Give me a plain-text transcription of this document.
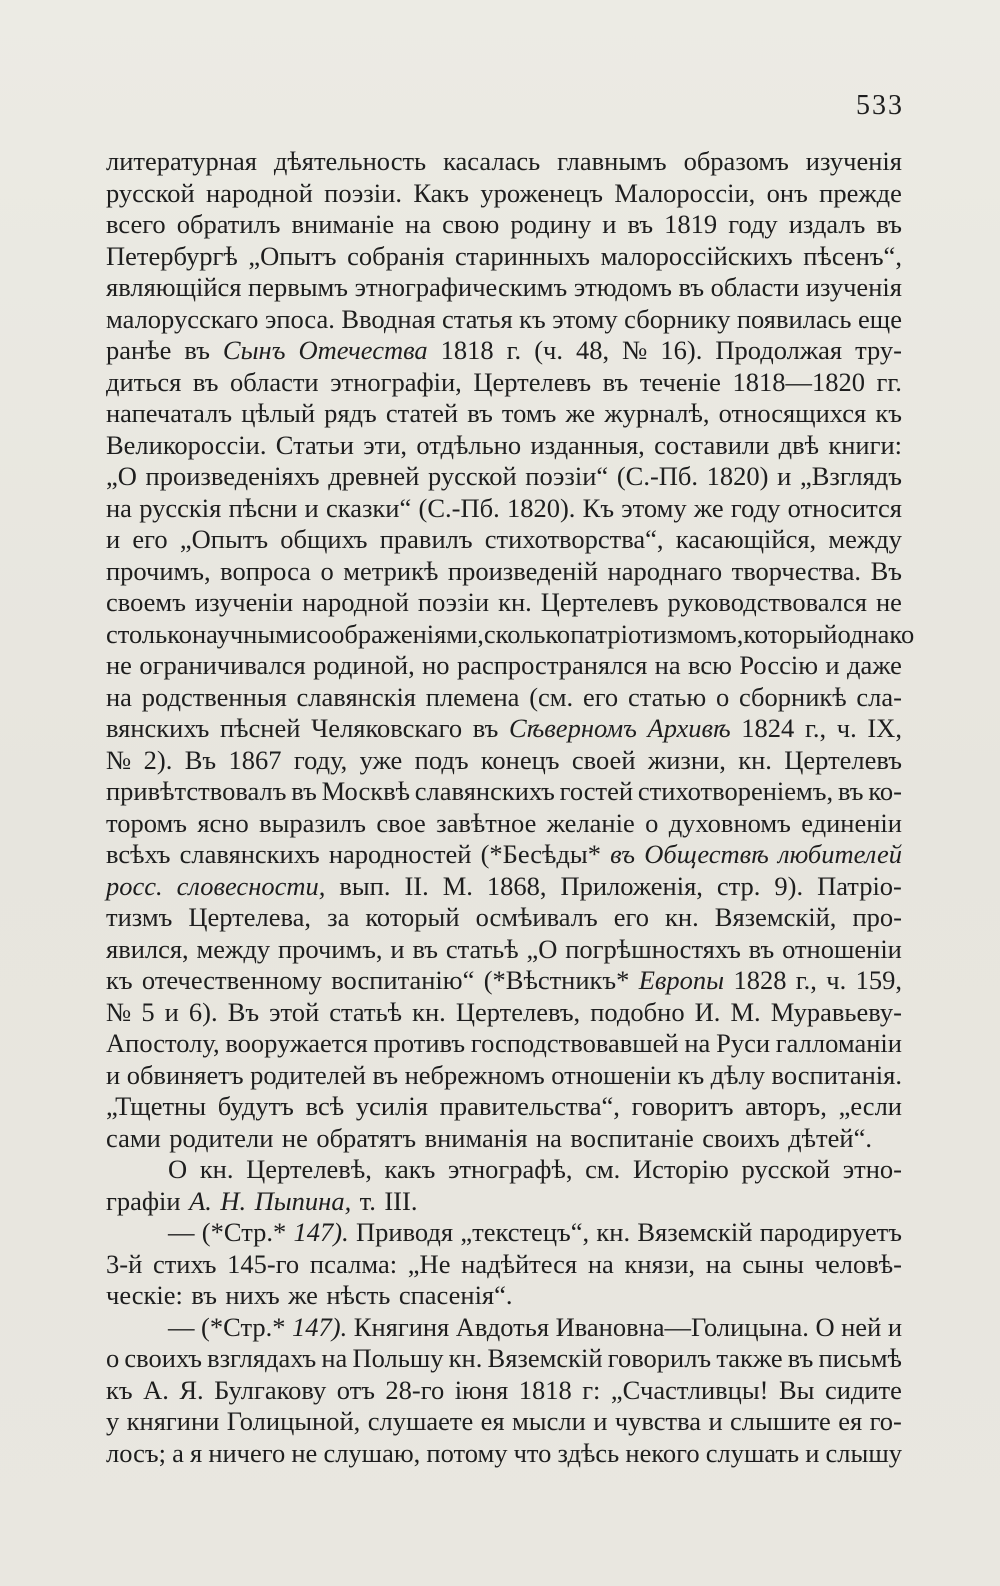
533
литературная дѣятельность касалась главнымъ образомъ изученія
русской народной поэзіи. Какъ уроженецъ Малороссіи, онъ прежде
всего обратилъ вниманіе на свою родину и въ 1819 году издалъ въ
Петербургѣ „Опытъ собранія старинныхъ малороссійскихъ пѣсенъ“,
являющійся первымъ этнографическимъ этюдомъ въ области изученія
малорусскаго эпоса. Вводная статья къ этому сборнику появилась еще
ранѣе въ Сынъ Отечества 1818 г. (ч. 48, № 16). Продолжая тру-
диться въ области этнографіи, Цертелевъ въ теченіе 1818—1820 гг.
напечаталъ цѣлый рядъ статей въ томъ же журналѣ, относящихся къ
Великороссіи. Статьи эти, отдѣльно изданныя, составили двѣ книги:
„О произведеніяхъ древней русской поэзіи“ (С.-Пб. 1820) и „Взглядъ
на русскія пѣсни и сказки“ (С.-Пб. 1820). Къ этому же году относится
и его „Опытъ общихъ правилъ стихотворства“, касающійся, между
прочимъ, вопроса о метрикѣ произведеній народнаго творчества. Въ
своемъ изученіи народной поэзіи кн. Цертелевъ руководствовался не
столько научными соображеніями, сколько патріотизмомъ, который однако
не ограничивался родиной, но распространялся на всю Россію и даже
на родственныя славянскія племена (см. его статью о сборникѣ сла-
вянскихъ пѣсней Челяковскаго въ Сѣверномъ Архивѣ 1824 г., ч. IX,
№ 2). Въ 1867 году, уже подъ конецъ своей жизни, кн. Цертелевъ
привѣтствовалъ въ Москвѣ славянскихъ гостей стихотвореніемъ, въ ко-
торомъ ясно выразилъ свое завѣтное желаніе о духовномъ единеніи
всѣхъ славянскихъ народностей (*Бесѣды* въ Обществѣ любителей
росс. словесности, вып. II. М. 1868, Приложенія, стр. 9). Патріо-
тизмъ Цертелева, за который осмѣивалъ его кн. Вяземскій, про-
явился, между прочимъ, и въ статьѣ „О погрѣшностяхъ въ отношеніи
къ отечественному воспитанію“ (*Вѣстникъ* Европы 1828 г., ч. 159,
№ 5 и 6). Въ этой статьѣ кн. Цертелевъ, подобно И. М. Муравьеву-
Апостолу, вооружается противъ господствовавшей на Руси галломаніи
и обвиняетъ родителей въ небрежномъ отношеніи къ дѣлу воспитанія.
„Тщетны будутъ всѣ усилія правительства“, говоритъ авторъ, „если
сами родители не обратятъ вниманія на воспитаніе своихъ дѣтей“.
О кн. Цертелевѣ, какъ этнографѣ, см. Исторію русской этно-
графіи А. Н. Пыпина, т. III.
— (*Стр.* 147). Приводя „текстецъ“, кн. Вяземскій пародируетъ
3-й стихъ 145-го псалма: „Не надѣйтеся на князи, на сыны человѣ-
ческіе: въ нихъ же нѣсть спасенія“.
— (*Стр.* 147). Княгиня Авдотья Ивановна—Голицына. О ней и
о своихъ взглядахъ на Польшу кн. Вяземскій говорилъ также въ письмѣ
къ А. Я. Булгакову отъ 28-го іюня 1818 г: „Счастливцы! Вы сидите
у княгини Голицыной, слушаете ея мысли и чувства и слышите ея го-
лосъ; а я ничего не слушаю, потому что здѣсь некого слушать и слышу
